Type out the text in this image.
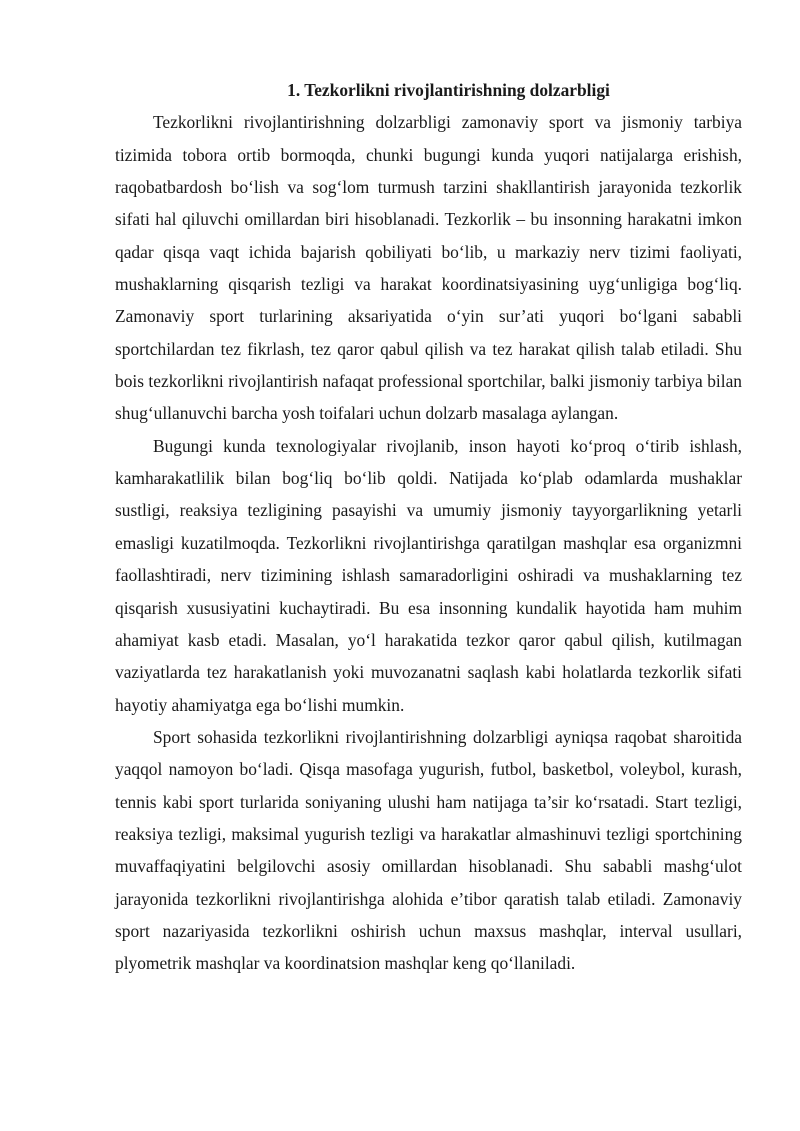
1. Tezkorlikni rivojlantirishning dolzarbligi

Tezkorlikni rivojlantirishning dolzarbligi zamonaviy sport va jismoniy tarbiya tizimida tobora ortib bormoqda, chunki bugungi kunda yuqori natijalarga erishish, raqobatbardosh bo‘lish va sog‘lom turmush tarzini shakllantirish jarayonida tezkorlik sifati hal qiluvchi omillardan biri hisoblanadi. Tezkorlik – bu insonning harakatni imkon qadar qisqa vaqt ichida bajarish qobiliyati bo‘lib, u markaziy nerv tizimi faoliyati, mushaklarning qisqarish tezligi va harakat koordinatsiyasining uyg‘unligiga bog‘liq. Zamonaviy sport turlarining aksariyatida o‘yin sur’ati yuqori bo‘lgani sababli sportchilardan tez fikrlash, tez qaror qabul qilish va tez harakat qilish talab etiladi. Shu bois tezkorlikni rivojlantirish nafaqat professional sportchilar, balki jismoniy tarbiya bilan shug‘ullanuvchi barcha yosh toifalari uchun dolzarb masalaga aylangan.

Bugungi kunda texnologiyalar rivojlanib, inson hayoti ko‘proq o‘tirib ishlash, kamharakatlilik bilan bog‘liq bo‘lib qoldi. Natijada ko‘plab odamlarda mushaklar sustligi, reaksiya tezligining pasayishi va umumiy jismoniy tayyorgarlikning yetarli emasligi kuzatilmoqda. Tezkorlikni rivojlantirishga qaratilgan mashqlar esa organizmni faollashtiradi, nerv tizimining ishlash samaradorligini oshiradi va mushaklarning tez qisqarish xususiyatini kuchaytiradi. Bu esa insonning kundalik hayotida ham muhim ahamiyat kasb etadi. Masalan, yo‘l harakatida tezkor qaror qabul qilish, kutilmagan vaziyatlarda tez harakatlanish yoki muvozanatni saqlash kabi holatlarda tezkorlik sifati hayotiy ahamiyatga ega bo‘lishi mumkin.

Sport sohasida tezkorlikni rivojlantirishning dolzarbligi ayniqsa raqobat sharoitida yaqqol namoyon bo‘ladi. Qisqa masofaga yugurish, futbol, basketbol, voleybol, kurash, tennis kabi sport turlarida soniyaning ulushi ham natijaga ta’sir ko‘rsatadi. Start tezligi, reaksiya tezligi, maksimal yugurish tezligi va harakatlar almashinuvi tezligi sportchining muvaffaqiyatini belgilovchi asosiy omillardan hisoblanadi. Shu sababli mashg‘ulot jarayonida tezkorlikni rivojlantirishga alohida e’tibor qaratish talab etiladi. Zamonaviy sport nazariyasida tezkorlikni oshirish uchun maxsus mashqlar, interval usullari, plyometrik mashqlar va koordinatsion mashqlar keng qo‘llaniladi.
